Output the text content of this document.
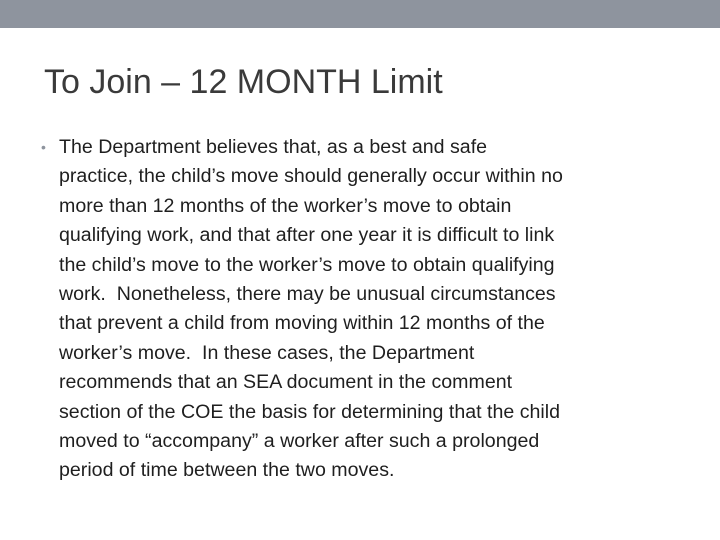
To Join – 12 MONTH Limit
• The Department believes that, as a best and safe
practice, the child’s move should generally occur within no
more than 12 months of the worker’s move to obtain
qualifying work, and that after one year it is difficult to link
the child’s move to the worker’s move to obtain qualifying
work.  Nonetheless, there may be unusual circumstances
that prevent a child from moving within 12 months of the
worker’s move.  In these cases, the Department
recommends that an SEA document in the comment
section of the COE the basis for determining that the child
moved to “accompany” a worker after such a prolonged
period of time between the two moves.
